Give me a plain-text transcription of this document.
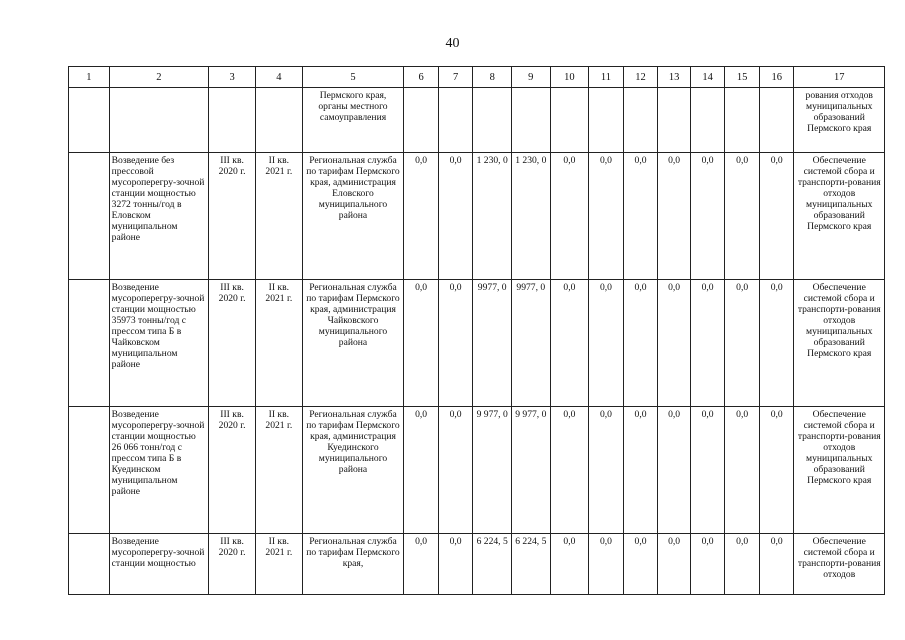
40
1	2	3	4	5	6	7	8	9	10	11	12	13	14	15	16	17
				Пермского края, органы местного самоуправления												рования отходов муниципальных образований Пермского края
	Возведение без прессовой мусороперегру-зочной станции мощностью 3272 тонны/год в Еловском муниципальном районе	III кв. 2020 г.	II кв. 2021 г.	Региональная служба по тарифам Пермского края, администрация Еловского муниципального района	0,0	0,0	1 230, 0	1 230, 0	0,0	0,0	0,0	0,0	0,0	0,0	0,0	Обеспечение системой сбора и транспорти-рования отходов муниципальных образований Пермского края
	Возведение мусороперегру-зочной станции мощностью 35973 тонны/год с прессом типа Б в Чайковском муниципальном районе	III кв. 2020 г.	II кв. 2021 г.	Региональная служба по тарифам Пермского края, администрация Чайковского муниципального района	0,0	0,0	9977, 0	9977, 0	0,0	0,0	0,0	0,0	0,0	0,0	0,0	Обеспечение системой сбора и транспорти-рования отходов муниципальных образований Пермского края
	Возведение мусороперегру-зочной станции мощностью 26 066 тонн/год с прессом типа Б в Куединском муниципальном районе	III кв. 2020 г.	II кв. 2021 г.	Региональная служба по тарифам Пермского края, администрация Куединского муниципального района	0,0	0,0	9 977, 0	9 977, 0	0,0	0,0	0,0	0,0	0,0	0,0	0,0	Обеспечение системой сбора и транспорти-рования отходов муниципальных образований Пермского края
	Возведение мусороперегру-зочной станции мощностью	III кв. 2020 г.	II кв. 2021 г.	Региональная служба по тарифам Пермского края,	0,0	0,0	6 224, 5	6 224, 5	0,0	0,0	0,0	0,0	0,0	0,0	0,0	Обеспечение системой сбора и транспорти-рования отходов
